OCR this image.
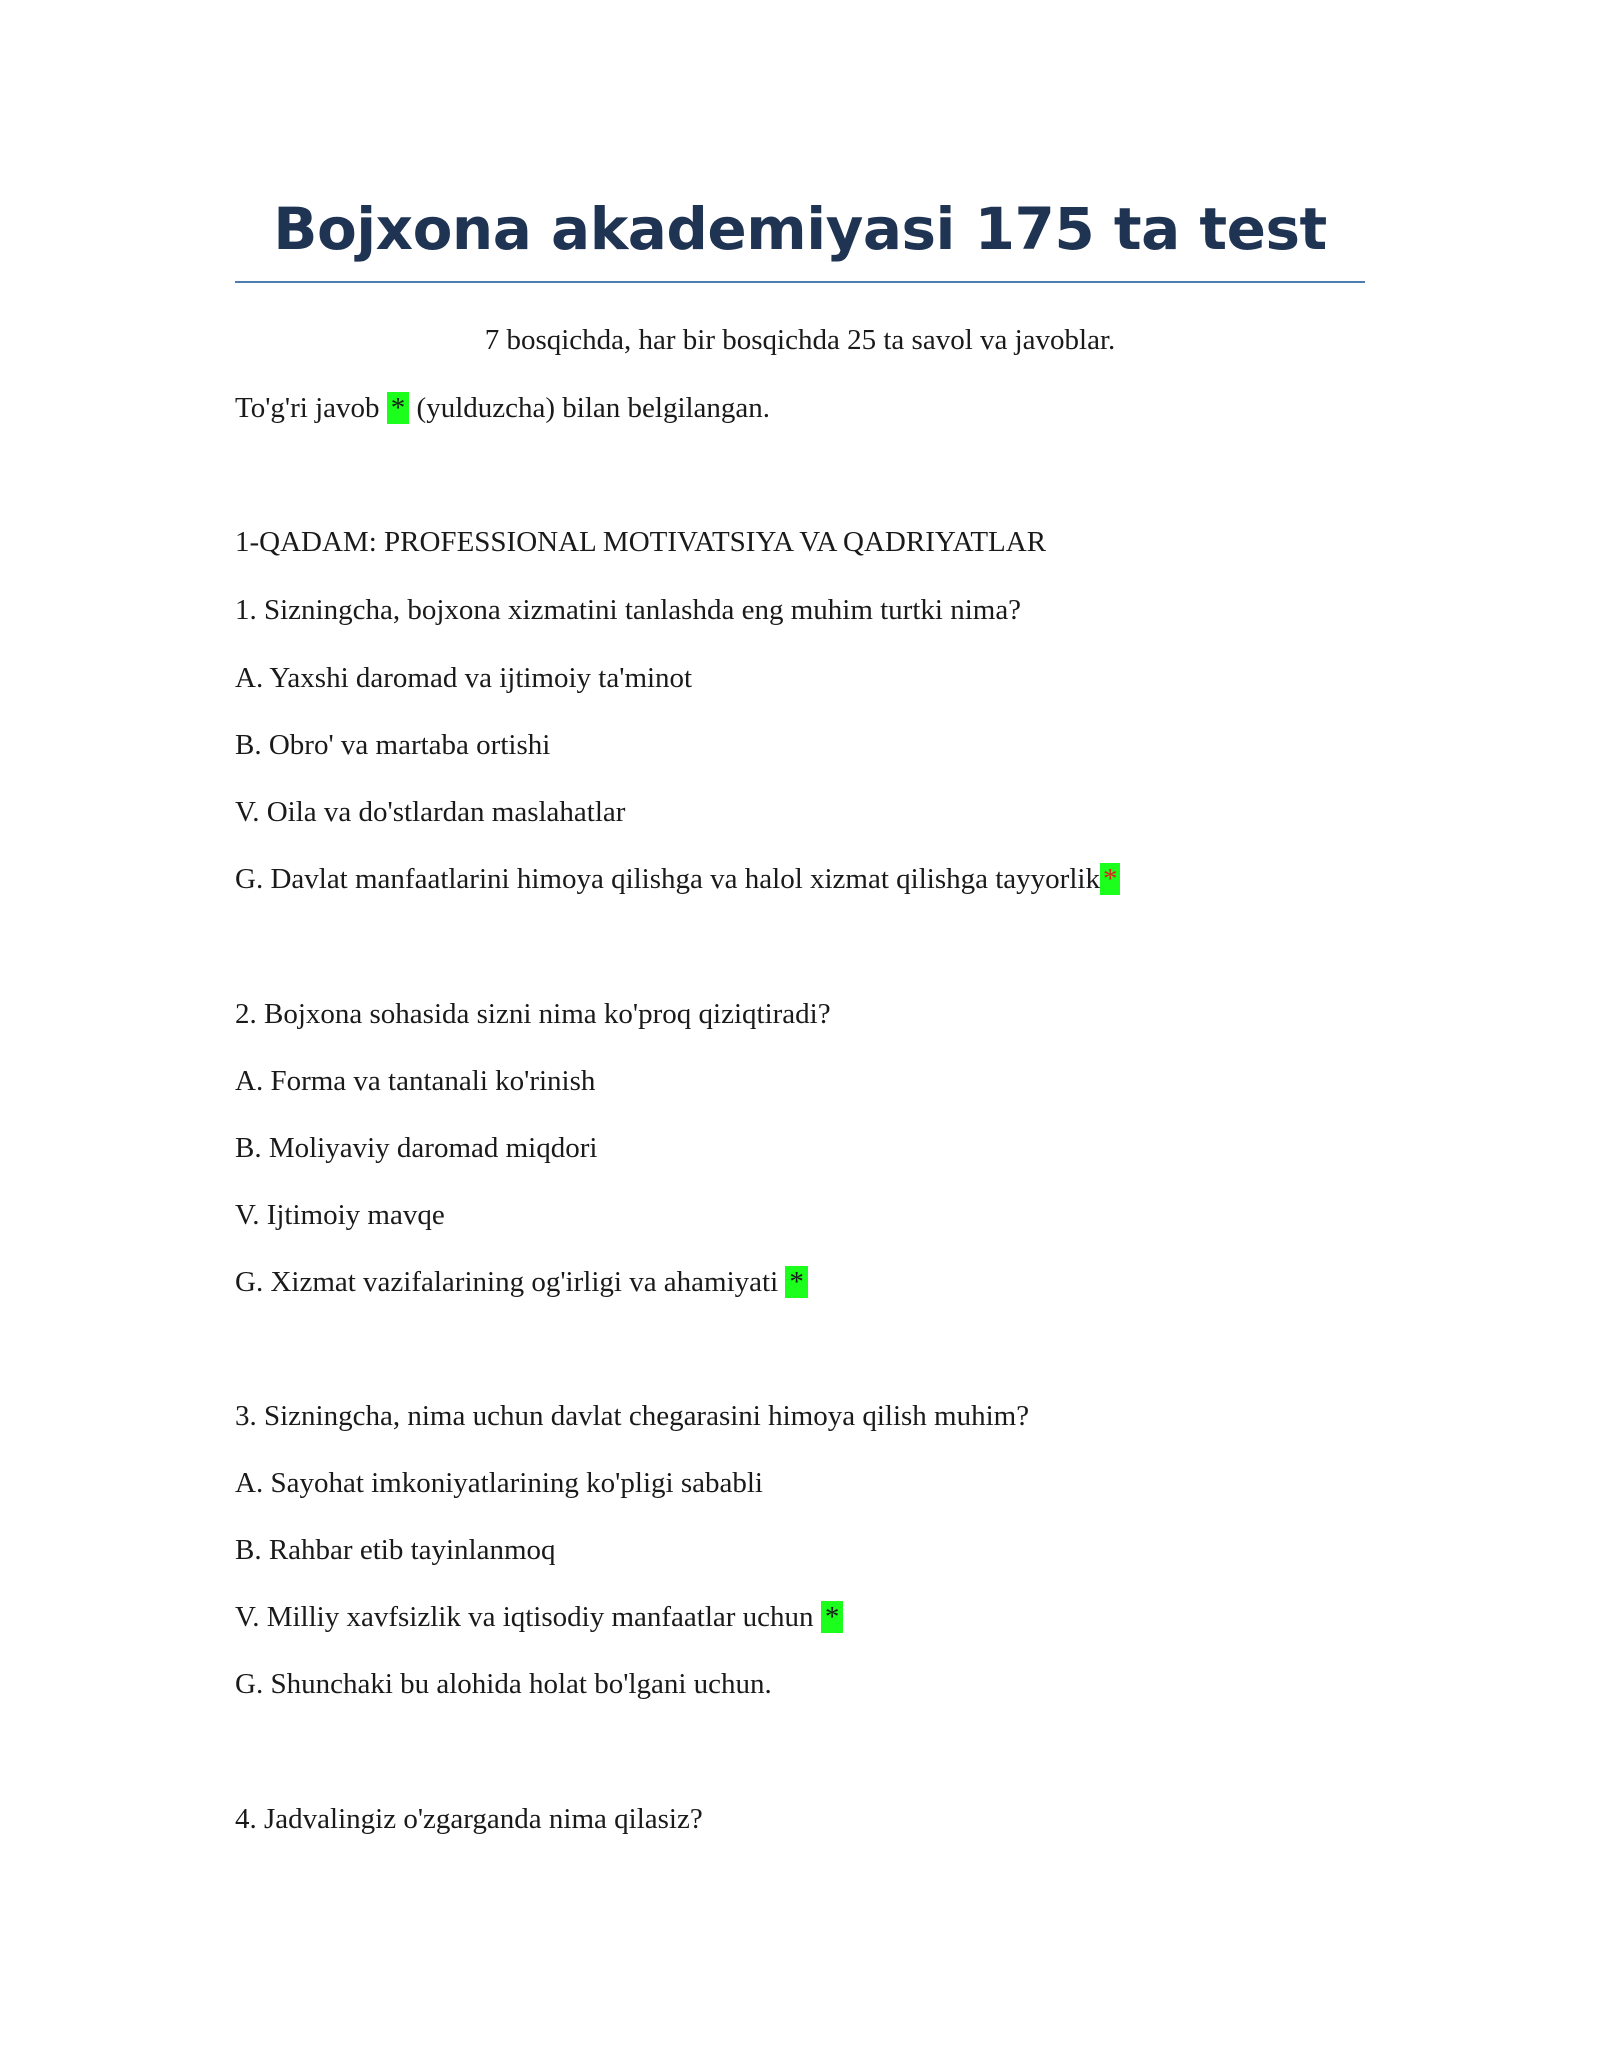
Bojxona akademiyasi 175 ta test
7 bosqichda, har bir bosqichda 25 ta savol va javoblar.
To'g'ri javob * (yulduzcha) bilan belgilangan.
1-QADAM: PROFESSIONAL MOTIVATSIYA VA QADRIYATLAR
1. Sizningcha, bojxona xizmatini tanlashda eng muhim turtki nima?
A. Yaxshi daromad va ijtimoiy ta'minot
B. Obro' va martaba ortishi
V. Oila va do'stlardan maslahatlar
G. Davlat manfaatlarini himoya qilishga va halol xizmat qilishga tayyorlik *
2. Bojxona sohasida sizni nima ko'proq qiziqtiradi?
A. Forma va tantanali ko'rinish
B. Moliyaviy daromad miqdori
V. Ijtimoiy mavqe
G. Xizmat vazifalarining og'irligi va ahamiyati *
3. Sizningcha, nima uchun davlat chegarasini himoya qilish muhim?
A. Sayohat imkoniyatlarining ko'pligi sababli
B. Rahbar etib tayinlanmoq
V. Milliy xavfsizlik va iqtisodiy manfaatlar uchun *
G. Shunchaki bu alohida holat bo'lgani uchun.
4. Jadvalingiz o'zgarganda nima qilasiz?
